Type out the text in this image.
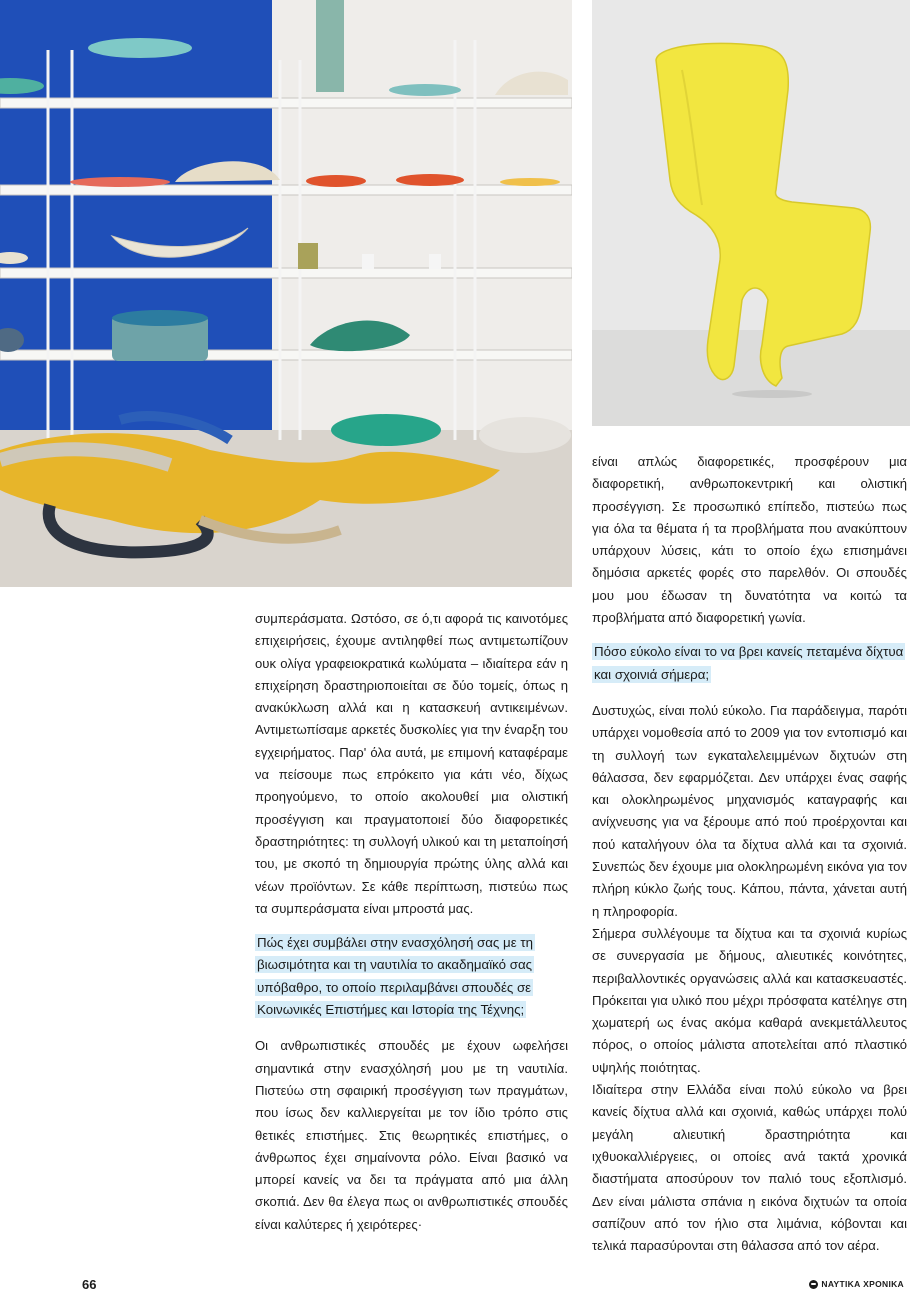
συμπεράσματα. Ωστόσο, σε ό,τι αφορά τις καινοτόμες επιχειρήσεις, έχουμε αντιληφθεί πως αντιμετωπίζουν ουκ ολίγα γραφειοκρατικά κωλύματα – ιδιαίτερα εάν η επιχείρηση δραστηριοποιείται σε δύο τομείς, όπως η ανακύκλωση αλλά και η κατασκευή αντικειμένων. Αντιμετωπίσαμε αρκετές δυσκολίες για την έναρξη του εγχειρήματος. Παρ' όλα αυτά, με επιμονή καταφέραμε να πείσουμε πως επρόκειτο για κάτι νέο, δίχως προηγούμενο, το οποίο ακολουθεί μια ολιστική προσέγγιση και πραγματοποιεί δύο διαφορετικές δραστηριότητες: τη συλλογή υλικού και τη μεταποίησή του, με σκοπό τη δημιουργία πρώτης ύλης αλλά και νέων προϊόντων. Σε κάθε περίπτωση, πιστεύω πως τα συμπεράσματα είναι μπροστά μας.

Πώς έχει συμβάλει στην ενασχόλησή σας με τη βιωσιμότητα και τη ναυτιλία το ακαδημαϊκό σας υπόβαθρο, το οποίο περιλαμβάνει σπουδές σε Κοινωνικές Επιστήμες και Ιστορία της Τέχνης;

Οι ανθρωπιστικές σπουδές με έχουν ωφελήσει σημαντικά στην ενασχόλησή μου με τη ναυτιλία. Πιστεύω στη σφαιρική προσέγγιση των πραγμάτων, που ίσως δεν καλλιεργείται με τον ίδιο τρόπο στις θετικές επιστήμες. Στις θεωρητικές επιστήμες, ο άνθρωπος έχει σημαίνοντα ρόλο. Είναι βασικό να μπορεί κανείς να δει τα πράγματα από μια άλλη σκοπιά. Δεν θα έλεγα πως οι ανθρωπιστικές σπουδές είναι καλύτερες ή χειρότερες·

είναι απλώς διαφορετικές, προσφέρουν μια διαφορετική, ανθρωποκεντρική και ολιστική προσέγγιση. Σε προσωπικό επίπεδο, πιστεύω πως για όλα τα θέματα ή τα προβλήματα που ανακύπτουν υπάρχουν λύσεις, κάτι το οποίο έχω επισημάνει δημόσια αρκετές φορές στο παρελθόν. Οι σπουδές μου μου έδωσαν τη δυνατότητα να κοιτώ τα προβλήματα από διαφορετική γωνία.

Πόσο εύκολο είναι το να βρει κανείς πεταμένα δίχτυα και σχοινιά σήμερα;

Δυστυχώς, είναι πολύ εύκολο. Για παράδειγμα, παρότι υπάρχει νομοθεσία από το 2009 για τον εντοπισμό και τη συλλογή των εγκαταλελειμμένων διχτυών στη θάλασσα, δεν εφαρμόζεται. Δεν υπάρχει ένας σαφής και ολοκληρωμένος μηχανισμός καταγραφής και ανίχνευσης για να ξέρουμε από πού προέρχονται και πού καταλήγουν όλα τα δίχτυα αλλά και τα σχοινιά. Συνεπώς δεν έχουμε μια ολοκληρωμένη εικόνα για τον πλήρη κύκλο ζωής τους. Κάπου, πάντα, χάνεται αυτή η πληροφορία.

Σήμερα συλλέγουμε τα δίχτυα και τα σχοινιά κυρίως σε συνεργασία με δήμους, αλιευτικές κοινότητες, περιβαλλοντικές οργανώσεις αλλά και κατασκευαστές. Πρόκειται για υλικό που μέχρι πρόσφατα κατέληγε στη χωματερή ως ένας ακόμα καθαρά ανεκμετάλλευτος πόρος, ο οποίος μάλιστα αποτελείται από πλαστικό υψηλής ποιότητας.

Ιδιαίτερα στην Ελλάδα είναι πολύ εύκολο να βρει κανείς δίχτυα αλλά και σχοινιά, καθώς υπάρχει πολύ μεγάλη αλιευτική δραστηριότητα και ιχθυοκαλλιέργειες, οι οποίες ανά τακτά χρονικά διαστήματα αποσύρουν τον παλιό τους εξοπλισμό. Δεν είναι μάλιστα σπάνια η εικόνα διχτυών τα οποία σαπίζουν από τον ήλιο στα λιμάνια, κόβονται και τελικά παρασύρονται στη θάλασσα από τον αέρα.

66	ΝΑΥΤΙΚΑ ΧΡΟΝΙΚΑ
